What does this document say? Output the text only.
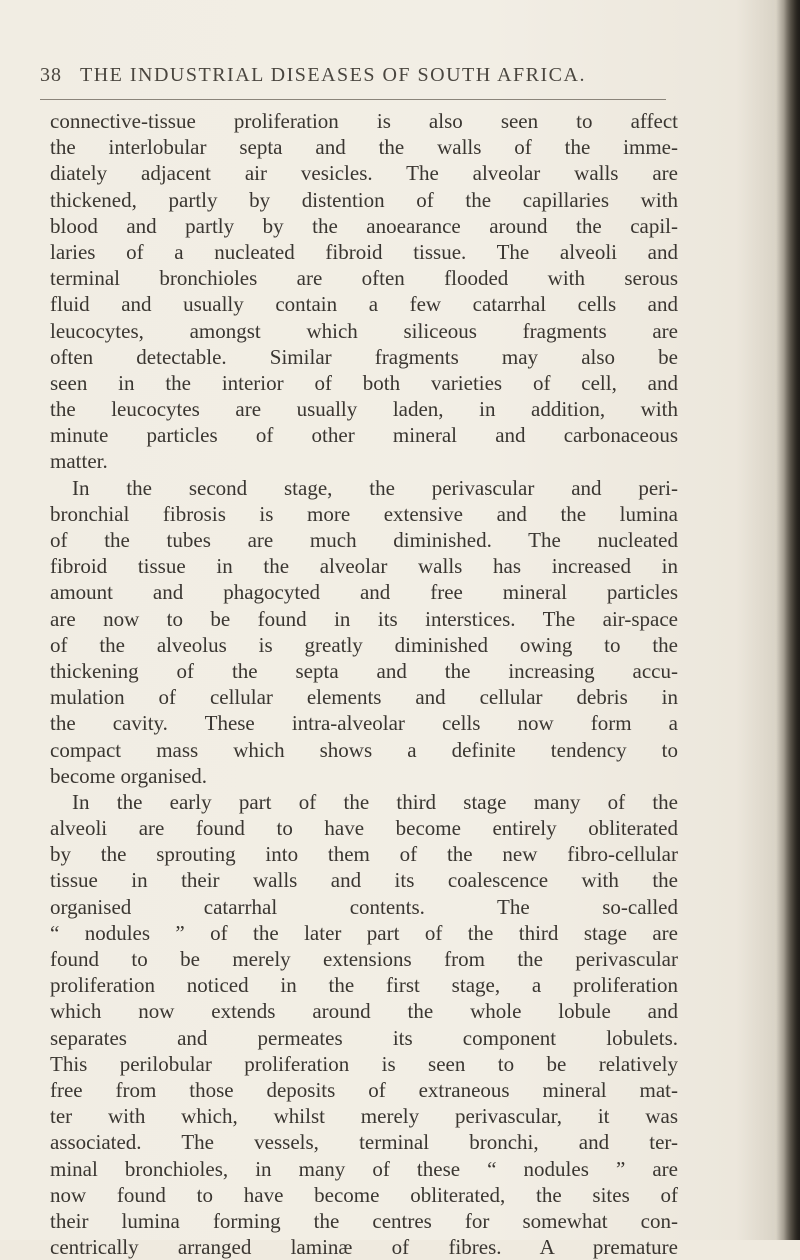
38 THE INDUSTRIAL DISEASES OF SOUTH AFRICA.
connective-tissue proliferation is also seen to affect
the interlobular septa and the walls of the imme-
diately adjacent air vesicles. The alveolar walls are
thickened, partly by distention of the capillaries with
blood and partly by the anoearance around the capil-
laries of a nucleated fibroid tissue. The alveoli and
terminal bronchioles are often flooded with serous
fluid and usually contain a few catarrhal cells and
leucocytes, amongst which siliceous fragments are
often detectable. Similar fragments may also be
seen in the interior of both varieties of cell, and
the leucocytes are usually laden, in addition, with
minute particles of other mineral and carbonaceous
matter.
In the second stage, the perivascular and peri-
bronchial fibrosis is more extensive and the lumina
of the tubes are much diminished. The nucleated
fibroid tissue in the alveolar walls has increased in
amount and phagocyted and free mineral particles
are now to be found in its interstices. The air-space
of the alveolus is greatly diminished owing to the
thickening of the septa and the increasing accu-
mulation of cellular elements and cellular debris in
the cavity. These intra-alveolar cells now form a
compact mass which shows a definite tendency to
become organised.
In the early part of the third stage many of the
alveoli are found to have become entirely obliterated
by the sprouting into them of the new fibro-cellular
tissue in their walls and its coalescence with the
organised catarrhal contents. The so-called
“ nodules ” of the later part of the third stage are
found to be merely extensions from the perivascular
proliferation noticed in the first stage, a proliferation
which now extends around the whole lobule and
separates and permeates its component lobulets.
This perilobular proliferation is seen to be relatively
free from those deposits of extraneous mineral mat-
ter with which, whilst merely perivascular, it was
associated. The vessels, terminal bronchi, and ter-
minal bronchioles, in many of these “ nodules ” are
now found to have become obliterated, the sites of
their lumina forming the centres for somewhat con-
centrically arranged laminæ of fibres. A premature
